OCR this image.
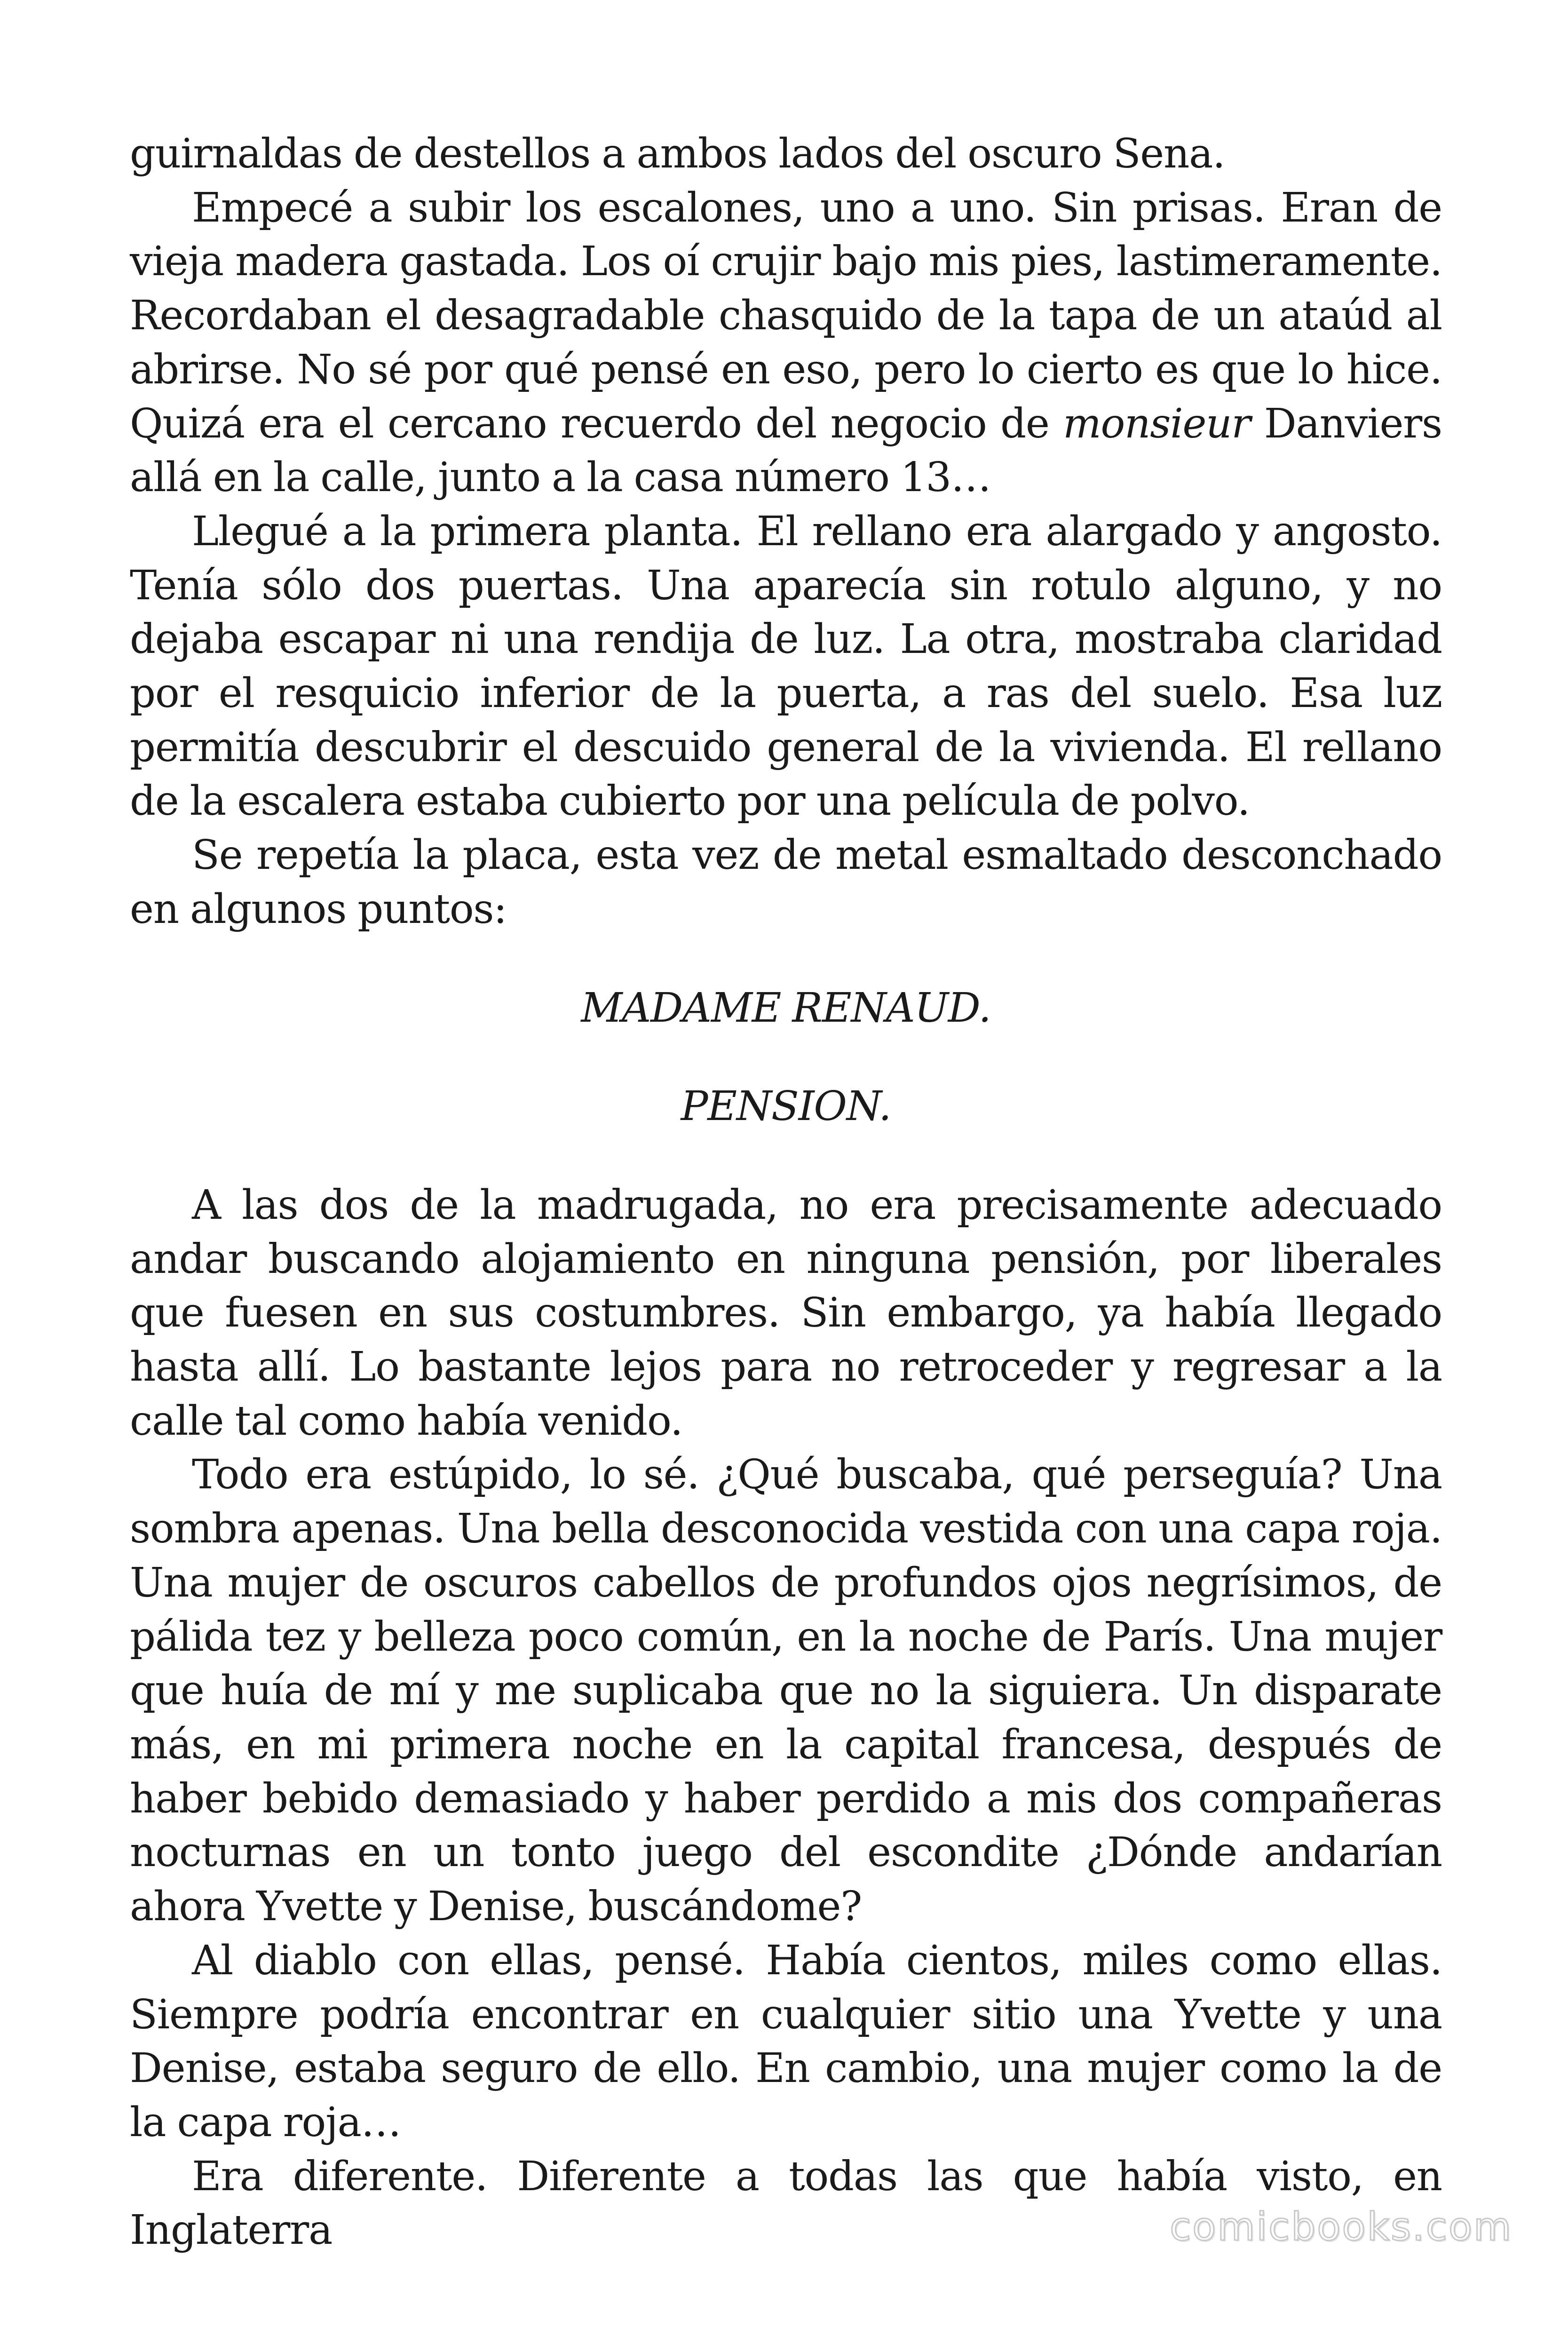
guirnaldas de destellos a ambos lados del oscuro Sena.

Empecé a subir los escalones, uno a uno. Sin prisas. Eran de vieja madera gastada. Los oí crujir bajo mis pies, lastimeramente. Recordaban el desagradable chasquido de la tapa de un ataúd al abrirse. No sé por qué pensé en eso, pero lo cierto es que lo hice. Quizá era el cercano recuerdo del negocio de monsieur Danviers allá en la calle, junto a la casa número 13…

Llegué a la primera planta. El rellano era alargado y angosto. Tenía sólo dos puertas. Una aparecía sin rotulo alguno, y no dejaba escapar ni una rendija de luz. La otra, mostraba claridad por el resquicio inferior de la puerta, a ras del suelo. Esa luz permitía descubrir el descuido general de la vivienda. El rellano de la escalera estaba cubierto por una película de polvo.

Se repetía la placa, esta vez de metal esmaltado desconchado en algunos puntos:

MADAME RENAUD.

PENSION.

A las dos de la madrugada, no era precisamente adecuado andar buscando alojamiento en ninguna pensión, por liberales que fuesen en sus costumbres. Sin embargo, ya había llegado hasta allí. Lo bastante lejos para no retroceder y regresar a la calle tal como había venido.

Todo era estúpido, lo sé. ¿Qué buscaba, qué perseguía? Una sombra apenas. Una bella desconocida vestida con una capa roja. Una mujer de oscuros cabellos de profundos ojos negrísimos, de pálida tez y belleza poco común, en la noche de París. Una mujer que huía de mí y me suplicaba que no la siguiera. Un disparate más, en mi primera noche en la capital francesa, después de haber bebido demasiado y haber perdido a mis dos compañeras nocturnas en un tonto juego del escondite ¿Dónde andarían ahora Yvette y Denise, buscándome?

Al diablo con ellas, pensé. Había cientos, miles como ellas. Siempre podría encontrar en cualquier sitio una Yvette y una Denise, estaba seguro de ello. En cambio, una mujer como la de la capa roja…

Era diferente. Diferente a todas las que había visto, en Inglaterra	comicbooks.com
